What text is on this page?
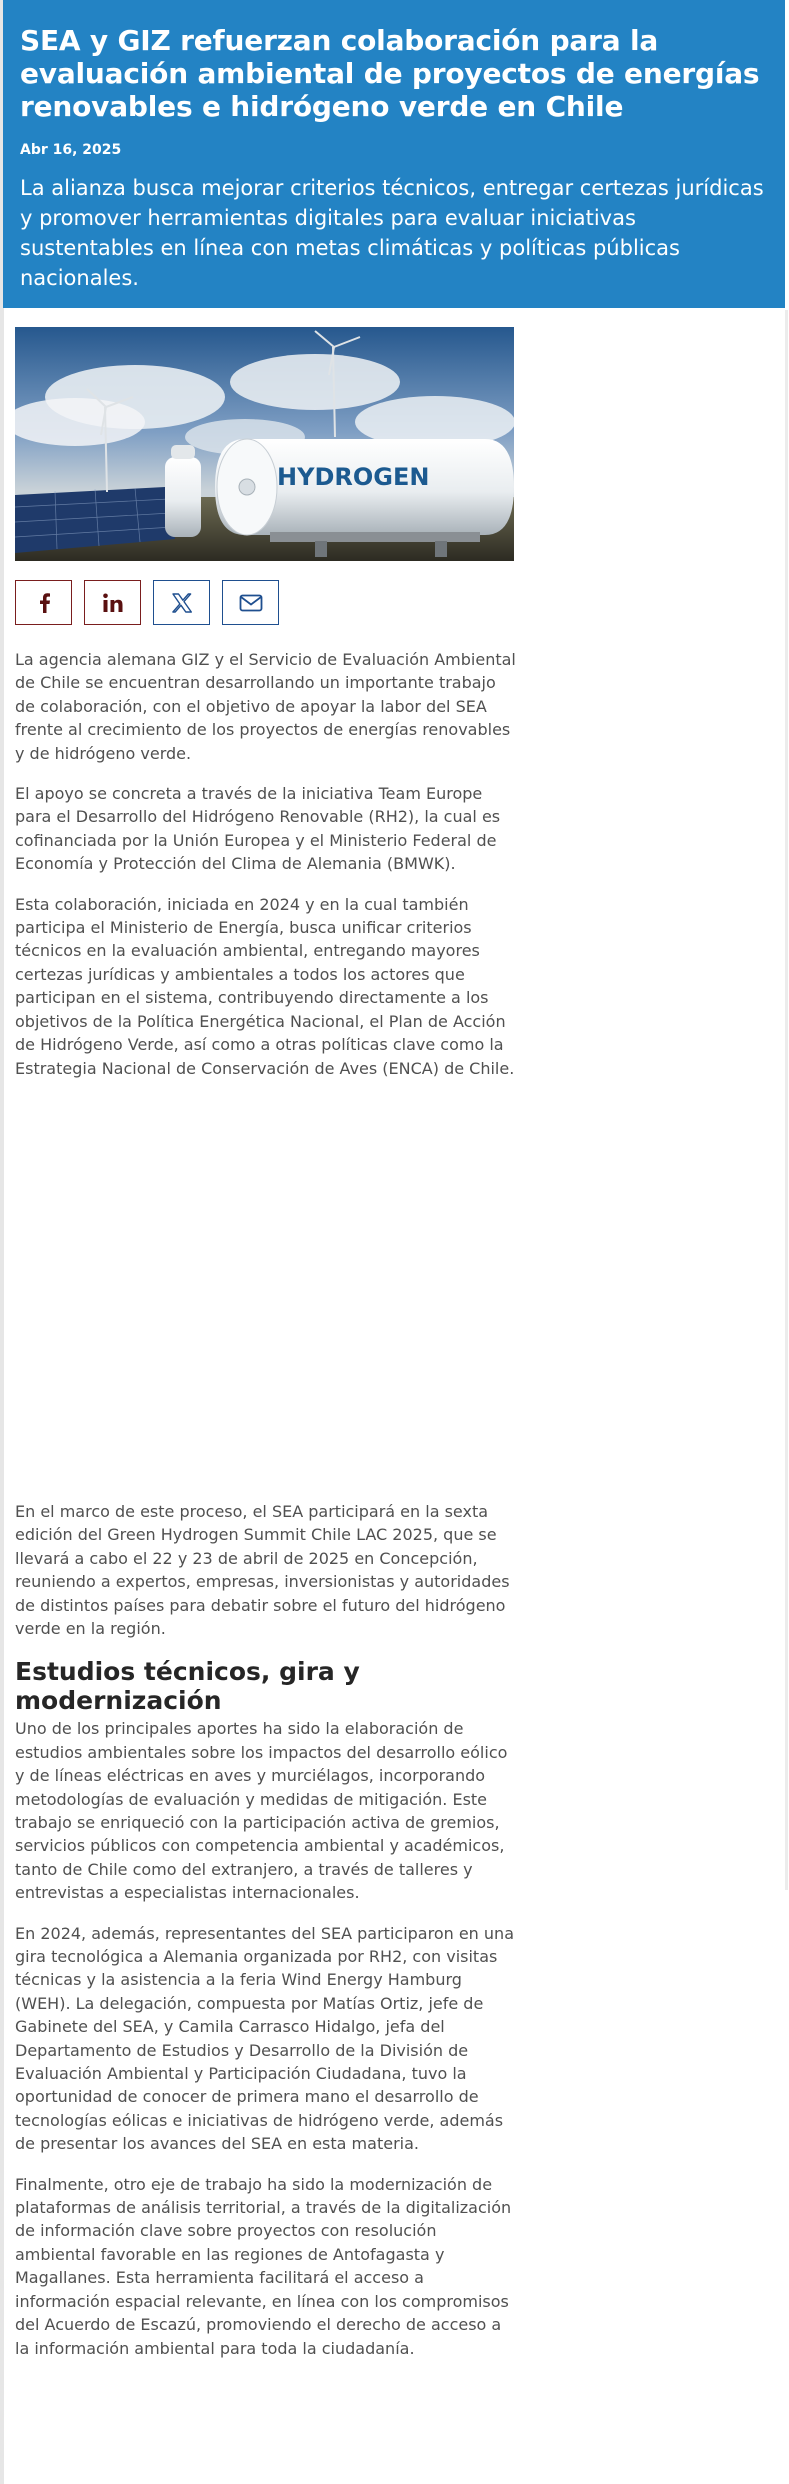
SEA y GIZ refuerzan colaboración para la evaluación ambiental de proyectos de energías renovables e hidrógeno verde en Chile
Abr 16, 2025
La alianza busca mejorar criterios técnicos, entregar certezas jurídicas y promover herramientas digitales para evaluar iniciativas sustentables en línea con metas climáticas y políticas públicas nacionales.
HYDROGEN

La agencia alemana GIZ y el Servicio de Evaluación Ambiental de Chile se encuentran desarrollando un importante trabajo de colaboración, con el objetivo de apoyar la labor del SEA frente al crecimiento de los proyectos de energías renovables y de hidrógeno verde.

El apoyo se concreta a través de la iniciativa Team Europe para el Desarrollo del Hidrógeno Renovable (RH2), la cual es cofinanciada por la Unión Europea y el Ministerio Federal de Economía y Protección del Clima de Alemania (BMWK).

Esta colaboración, iniciada en 2024 y en la cual también participa el Ministerio de Energía, busca unificar criterios técnicos en la evaluación ambiental, entregando mayores certezas jurídicas y ambientales a todos los actores que participan en el sistema, contribuyendo directamente a los objetivos de la Política Energética Nacional, el Plan de Acción de Hidrógeno Verde, así como a otras políticas clave como la Estrategia Nacional de Conservación de Aves (ENCA) de Chile.

En el marco de este proceso, el SEA participará en la sexta edición del Green Hydrogen Summit Chile LAC 2025, que se llevará a cabo el 22 y 23 de abril de 2025 en Concepción, reuniendo a expertos, empresas, inversionistas y autoridades de distintos países para debatir sobre el futuro del hidrógeno verde en la región.

Estudios técnicos, gira y modernización

Uno de los principales aportes ha sido la elaboración de estudios ambientales sobre los impactos del desarrollo eólico y de líneas eléctricas en aves y murciélagos, incorporando metodologías de evaluación y medidas de mitigación. Este trabajo se enriqueció con la participación activa de gremios, servicios públicos con competencia ambiental y académicos, tanto de Chile como del extranjero, a través de talleres y entrevistas a especialistas internacionales.

En 2024, además, representantes del SEA participaron en una gira tecnológica a Alemania organizada por RH2, con visitas técnicas y la asistencia a la feria Wind Energy Hamburg (WEH). La delegación, compuesta por Matías Ortiz, jefe de Gabinete del SEA, y Camila Carrasco Hidalgo, jefa del Departamento de Estudios y Desarrollo de la División de Evaluación Ambiental y Participación Ciudadana, tuvo la oportunidad de conocer de primera mano el desarrollo de tecnologías eólicas e iniciativas de hidrógeno verde, además de presentar los avances del SEA en esta materia.

Finalmente, otro eje de trabajo ha sido la modernización de plataformas de análisis territorial, a través de la digitalización de información clave sobre proyectos con resolución ambiental favorable en las regiones de Antofagasta y Magallanes. Esta herramienta facilitará el acceso a información espacial relevante, en línea con los compromisos del Acuerdo de Escazú, promoviendo el derecho de acceso a la información ambiental para toda la ciudadanía.
